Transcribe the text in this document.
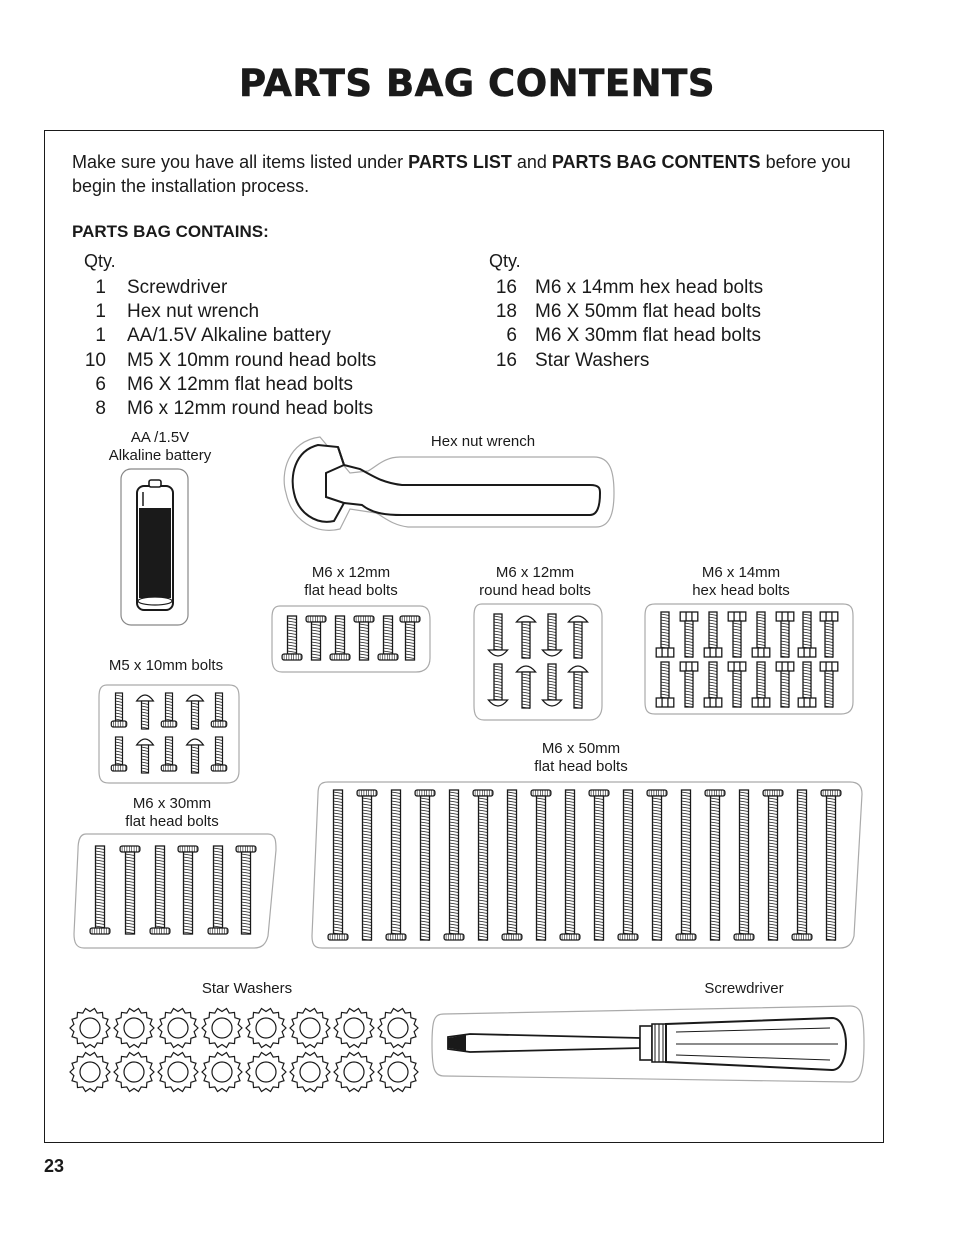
PARTS BAG CONTENTS
Make sure you have all items listed under PARTS LIST and PARTS BAG CONTENTS before you begin the installation process.
PARTS BAG CONTAINS:
Qty.	Qty.
1 Screwdriver
1 Hex nut wrench
1 AA/1.5V Alkaline battery
10 M5 X 10mm round head bolts
6 M6 X 12mm flat head bolts
8 M6 x 12mm round head bolts
16 M6 x 14mm hex head bolts
18 M6 X 50mm flat head bolts
6 M6 X 30mm flat head bolts
16 Star Washers
AA /1.5V
Alkaline battery
Hex nut wrench
M6 x 12mm
flat head bolts
M6 x 12mm
round head bolts
M6 x 14mm
hex head bolts
M5 x 10mm bolts
M6 x 50mm
flat head bolts
M6 x 30mm
flat head bolts
Star Washers	Screwdriver
23
